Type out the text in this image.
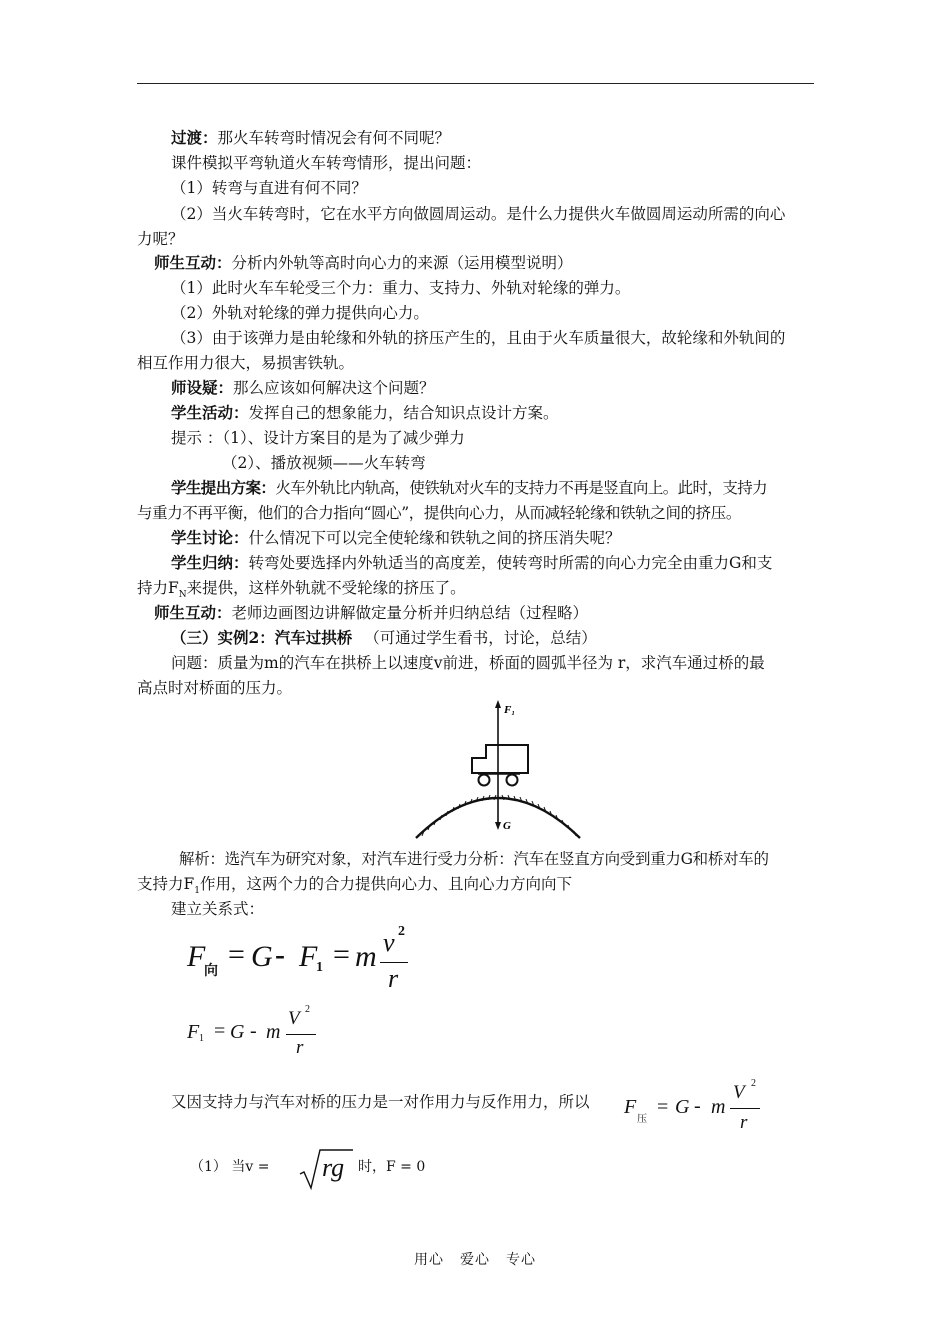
过渡：那火车转弯时情况会有何不同呢？
课件模拟平弯轨道火车转弯情形，提出问题：
（1）转弯与直进有何不同？
（2）当火车转弯时，它在水平方向做圆周运动。是什么力提供火车做圆周运动所需的向心
力呢？
师生互动：分析内外轨等高时向心力的来源（运用模型说明）
（1）此时火车车轮受三个力：重力、支持力、外轨对轮缘的弹力。
（2）外轨对轮缘的弹力提供向心力。
（3）由于该弹力是由轮缘和外轨的挤压产生的，且由于火车质量很大，故轮缘和外轨间的
相互作用力很大，易损害铁轨。
师设疑：那么应该如何解决这个问题？
学生活动：发挥自己的想象能力，结合知识点设计方案。
提示 ：（1）、设计方案目的是为了减少弹力
（2）、播放视频——火车转弯
学生提出方案：火车外轨比内轨高，使铁轨对火车的支持力不再是竖直向上。此时，支持力
与重力不再平衡，他们的合力指向“圆心”，提供向心力，从而减轻轮缘和铁轨之间的挤压。
学生讨论：什么情况下可以完全使轮缘和铁轨之间的挤压消失呢？
学生归纳：转弯处要选择内外轨适当的高度差，使转弯时所需的向心力完全由重力G和支
持力$F_N$来提供，这样外轨就不受轮缘的挤压了。
师生互动：老师边画图边讲解做定量分析并归纳总结（过程略）
（三）实例2：汽车过拱桥 （可通过学生看书，讨论，总结）
问题：质量为m的汽车在拱桥上以速度v前进，桥面的圆弧半径为 r，求汽车通过桥的最
高点时对桥面的压力。
F₁
G
解析：选汽车为研究对象，对汽车进行受力分析：汽车在竖直方向受到重力G和桥对车的
支持力$F_1$作用，这两个力的合力提供向心力、且向心力方向向下
建立关系式：
F
向
= G - F
1 = m v 2
r
F 1 = G - m
V 2
r
又因支持力与汽车对桥的压力是一对作用力与反作用力，所以 F
压
= G - m
V 2
r
（1） 当v = rg 时，F = 0
用心 爱心 专心
